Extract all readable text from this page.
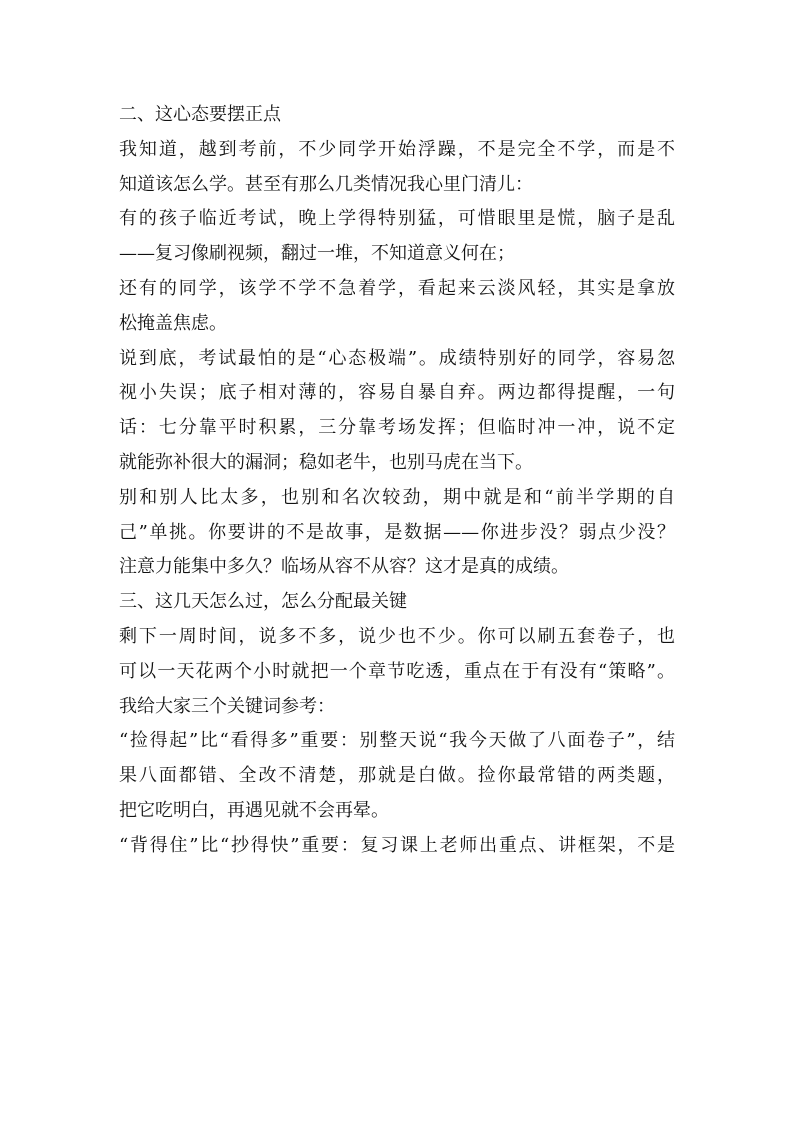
二、这心态要摆正点
我知道，越到考前，不少同学开始浮躁，不是完全不学，而是不
知道该怎么学。甚至有那么几类情况我心里门清儿：
有的孩子临近考试，晚上学得特别猛，可惜眼里是慌，脑子是乱
——复习像刷视频，翻过一堆，不知道意义何在；
还有的同学，该学不学不急着学，看起来云淡风轻，其实是拿放
松掩盖焦虑。
说到底，考试最怕的是“心态极端”。成绩特别好的同学，容易忽
视小失误；底子相对薄的，容易自暴自弃。两边都得提醒，一句
话：七分靠平时积累，三分靠考场发挥；但临时冲一冲，说不定
就能弥补很大的漏洞；稳如老牛，也别马虎在当下。
别和别人比太多，也别和名次较劲，期中就是和“前半学期的自
己”单挑。你要讲的不是故事，是数据——你进步没？弱点少没？
注意力能集中多久？临场从容不从容？这才是真的成绩。
三、这几天怎么过，怎么分配最关键
剩下一周时间，说多不多，说少也不少。你可以刷五套卷子，也
可以一天花两个小时就把一个章节吃透，重点在于有没有“策略”。
我给大家三个关键词参考：
“捡得起”比“看得多”重要：别整天说“我今天做了八面卷子”，结
果八面都错、全改不清楚，那就是白做。捡你最常错的两类题，
把它吃明白，再遇见就不会再晕。
“背得住”比“抄得快”重要：复习课上老师出重点、讲框架，不是
